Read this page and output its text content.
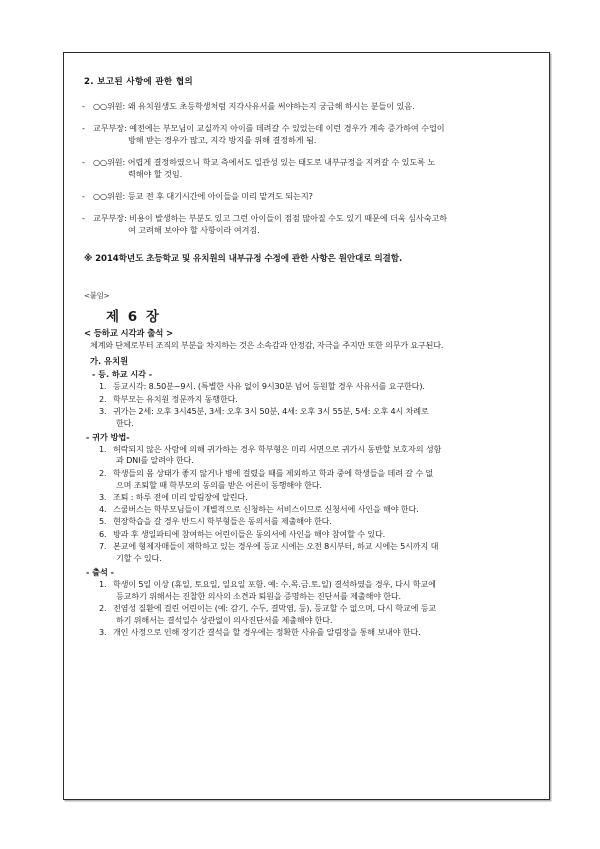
2. 보고된 사항에 관한 협의
-	○○위원: 왜 유치원생도 초등학생처럼 지각사유서를 써야하는지 궁금해 하시는 분들이 있음.
-	교무부장: 예전에는 부모님이 교실까지 아이를 데려갈 수 있었는데 이런 경우가 계속 증가하여 수업이
방해 받는 경우가 많고, 지각 방지를 위해 결정하게 됨.
-	○○위원: 어렵게 결정하였으니 학교 측에서도 일관성 있는 태도로 내부규정을 지켜갈 수 있도록 노
력해야 할 것임.
-	○○위원: 등교 전 후 대기시간에 아이들을 미리 맡겨도 되는지?
-	교무부장: 비용이 발생하는 부분도 있고 그런 아이들이 점점 많아질 수도 있기 때문에 더욱 심사숙고하
여 고려해 보아야 할 사항이라 여겨짐.
※ 2014학년도 초등학교 및 유치원의 내부규정 수정에 관한 사항은 원안대로 의결함.
<붙임>
제 6 장
< 등하교 시각과 출석 >

체계와 단체로부터 조직의 부분을 차지하는 것은 소속감과 안정감, 자극을 주지만 또한 의무가 요구된다.

가. 유치원
- 등. 하교 시각 -
1. 등교시각: 8.50분~9시. (특별한 사유 없이 9시30분 넘어 등원할 경우 사유서를 요구한다).
2. 학부모는 유치원 정문까지 동행한다.
3. 귀가는 2세: 오후 3시45분, 3세: 오후 3시 50분, 4세: 오후 3시 55분, 5세: 오후 4시 차례로
한다.
- 귀가 방법-
1. 허락되지 않은 사람에 의해 귀가하는 경우 학부형은 미리 서면으로 귀가시 동반할 보호자의 성함
과 DNI를 알려야 한다.
2. 학생들의 몸 상태가 좋지 않거나 병에 걸렸을 때를 제외하고 학과 중에 학생들을 데려 갈 수 없
으며 조퇴할 때 학부모의 동의를 받은 어른이 동행해야 한다.
3. 조퇴 : 하루 전에 미리 알림장에 알린다.
4. 스쿨버스는 학부모님들이 개별적으로 신청하는 서비스이므로 신청서에 사인을 해야 한다.
5. 현장학습을 갈 경우 반드시 학부형들은 동의서를 제출해야 한다.
6. 방과 후 생일파티에 참여하는 어린이들은 동의서에 사인을 해야 참여할 수 있다.
7. 본교에 형제자매들이 재학하고 있는 경우에 등교 시에는 오전 8시부터, 하교 시에는 5시까지 대
기할 수 있다.
- 출석 -
1. 학생이 5일 이상 (휴일, 토요일, 일요일 포함. 예: 수.목.금.토.일) 결석하였을 경우, 다시 학교에
등교하기 위해서는 진찰한 의사의 소견과 퇴원을 증명하는 진단서를 제출해야 한다.
2. 전염성 질환에 걸린 어린이는 (예: 감기, 수두, 결막염, 등), 등교할 수 없으며, 다시 학교에 등교
하기 위해서는 결석일수 상관없이 의사진단서를 제출해야 한다.
3. 개인 사정으로 인해 장기간 결석을 할 경우에는 정확한 사유를 알림장을 통해 보내야 한다.
